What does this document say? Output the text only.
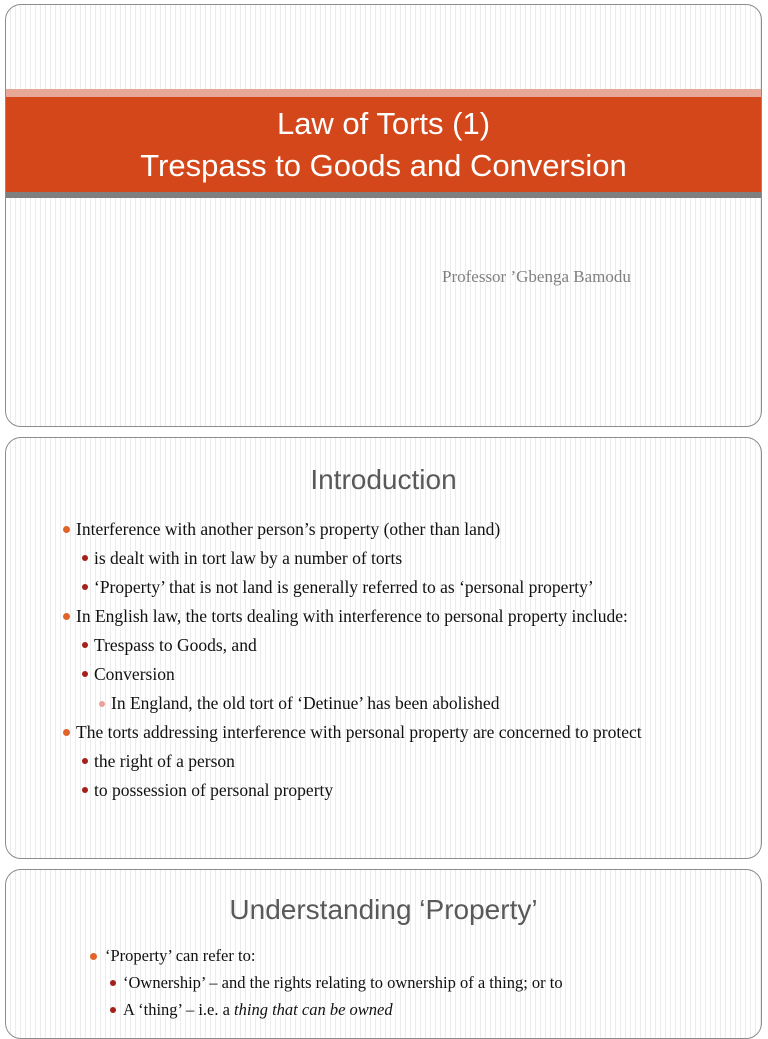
Law of Torts (1)
Trespass to Goods and Conversion
Professor ’Gbenga Bamodu
Introduction
Interference with another person’s property (other than land)
is dealt with in tort law by a number of torts
‘Property’ that is not land is generally referred to as ‘personal property’
In English law, the torts dealing with interference to personal property include:
Trespass to Goods, and
Conversion
In England, the old tort of ‘Detinue’ has been abolished
The torts addressing interference with personal property are concerned to protect
the right of a person
to possession of personal property
Understanding ‘Property’
‘Property’ can refer to:
‘Ownership’ – and the rights relating to ownership of a thing; or to
A ‘thing’ – i.e. a thing that can be owned
